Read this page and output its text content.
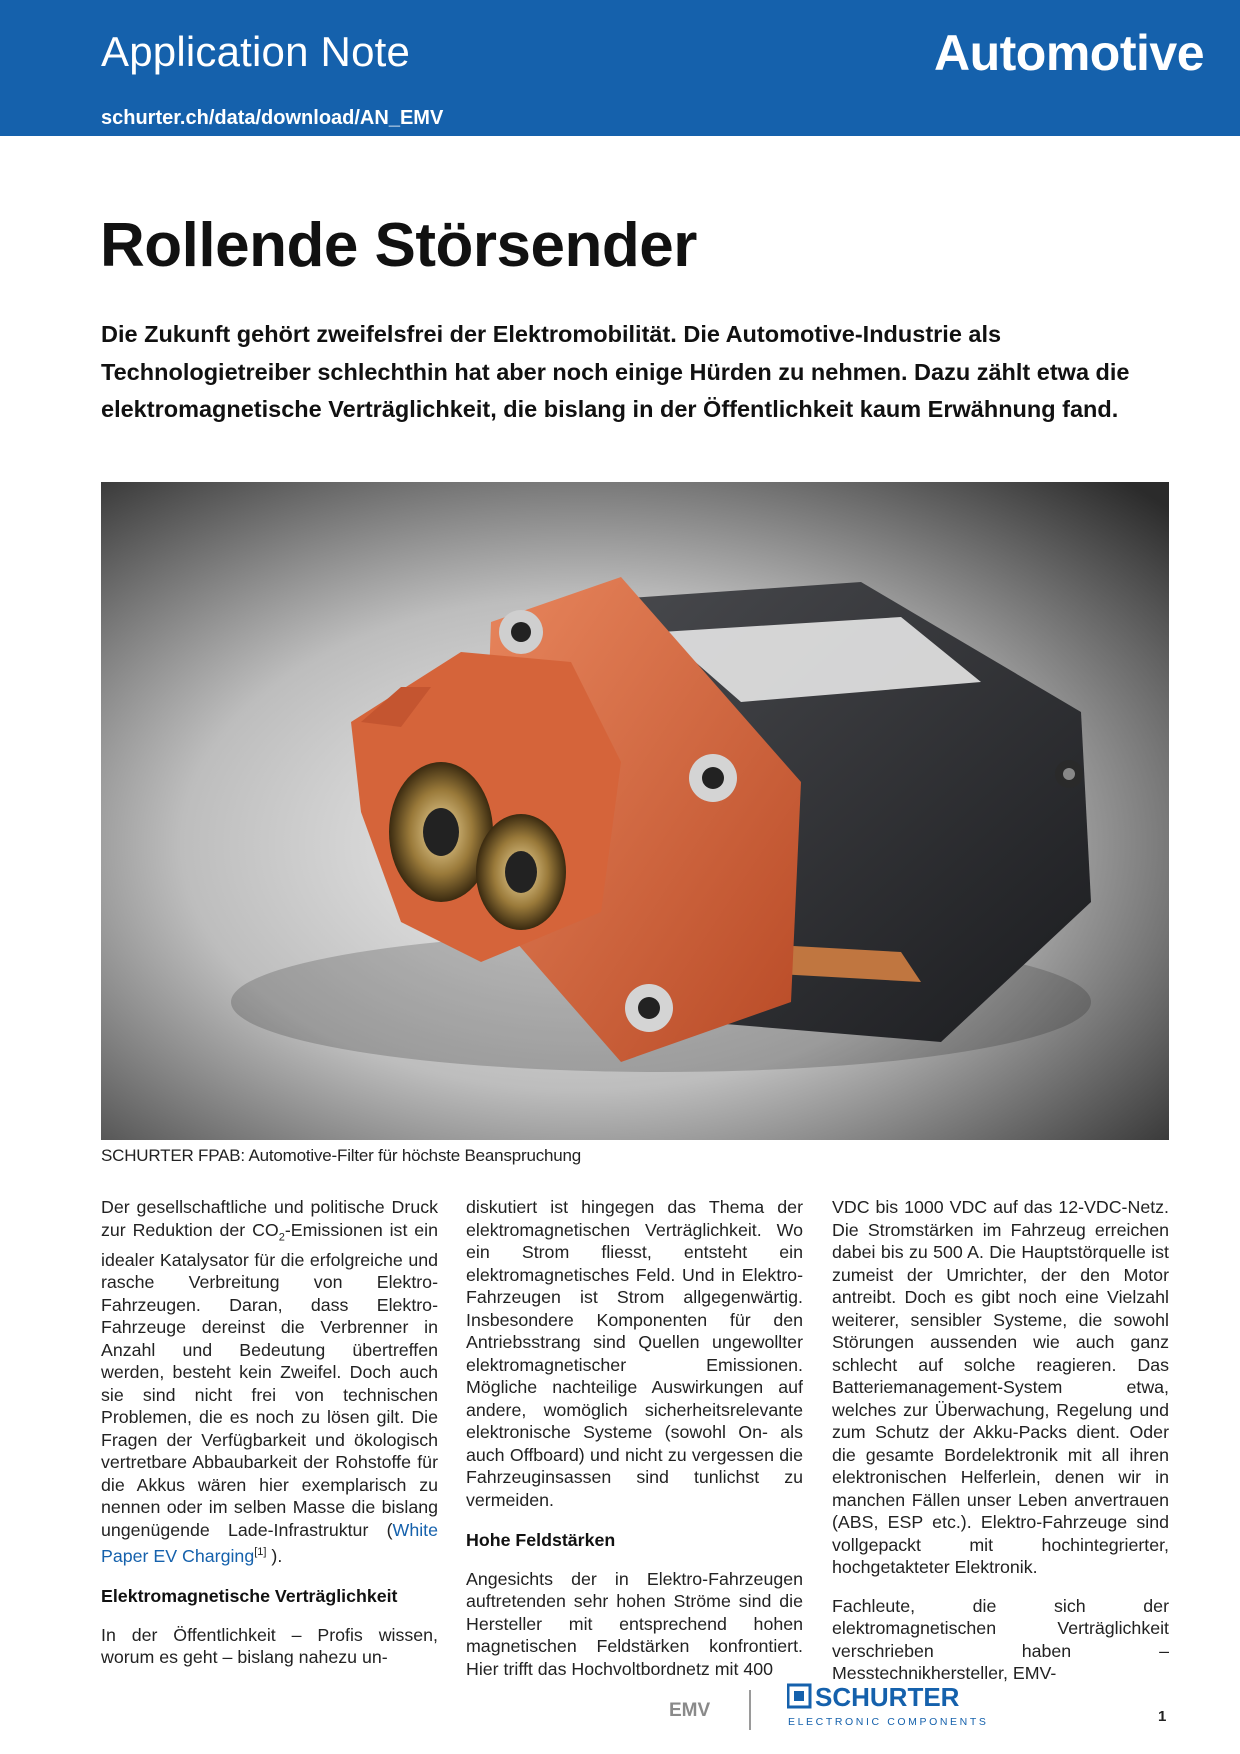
Application Note	Automotive
schurter.ch/data/download/AN_EMV
Rollende Störsender

Die Zukunft gehört zweifelsfrei der Elektromobilität. Die Automotive-Industrie als Technologietreiber schlechthin hat aber noch einige Hürden zu nehmen. Dazu zählt etwa die elektromagnetische Verträglichkeit, die bislang in der Öffentlichkeit kaum Erwähnung fand.

SCHURTER FPAB: Automotive-Filter für höchste Beanspruchung

Der gesellschaftliche und politische Druck zur Reduktion der $CO_2$-Emissionen ist ein idealer Katalysator für die erfolgreiche und rasche Verbreitung von Elektro-Fahrzeugen. Daran, dass Elektro-Fahrzeuge dereinst die Verbrenner in Anzahl und Bedeutung übertreffen werden, besteht kein Zweifel. Doch auch sie sind nicht frei von technischen Problemen, die es noch zu lösen gilt. Die Fragen der Verfügbarkeit und ökologisch vertretbare Abbaubarkeit der Rohstoffe für die Akkus wären hier exemplarisch zu nennen oder im selben Masse die bislang ungenügende Lade-Infrastruktur (White Paper EV Charging[1] ).

Elektromagnetische Verträglichkeit

In der Öffentlichkeit – Profis wissen, worum es geht – bislang nahezu un-

diskutiert ist hingegen das Thema der elektromagnetischen Verträglichkeit. Wo ein Strom fliesst, entsteht ein elektromagnetisches Feld. Und in Elektro-Fahrzeugen ist Strom allgegenwärtig. Insbesondere Komponenten für den Antriebsstrang sind Quellen ungewollter elektromagnetischer Emissionen. Mögliche nachteilige Auswirkungen auf andere, womöglich sicherheitsrelevante elektronische Systeme (sowohl On- als auch Offboard) und nicht zu vergessen die Fahrzeuginsassen sind tunlichst zu vermeiden.

Hohe Feldstärken

Angesichts der in Elektro-Fahrzeugen auftretenden sehr hohen Ströme sind die Hersteller mit entsprechend hohen magnetischen Feldstärken konfrontiert. Hier trifft das Hochvoltbordnetz mit 400

VDC bis 1000 VDC auf das 12-VDC-Netz. Die Stromstärken im Fahrzeug erreichen dabei bis zu 500 A. Die Hauptstörquelle ist zumeist der Umrichter, der den Motor antreibt. Doch es gibt noch eine Vielzahl weiterer, sensibler Systeme, die sowohl Störungen aussenden wie auch ganz schlecht auf solche reagieren. Das Batteriemanagement-System etwa, welches zur Überwachung, Regelung und zum Schutz der Akku-Packs dient. Oder die gesamte Bordelektronik mit all ihren elektronischen Helferlein, denen wir in manchen Fällen unser Leben anvertrauen (ABS, ESP etc.). Elektro-Fahrzeuge sind vollgepackt mit hochintegrierter, hochgetakteter Elektronik.

Fachleute, die sich der elektromagnetischen Verträglichkeit verschrieben haben – Messtechnikhersteller, EMV-

EMV	SCHURTER
ELECTRONIC COMPONENTS	1
